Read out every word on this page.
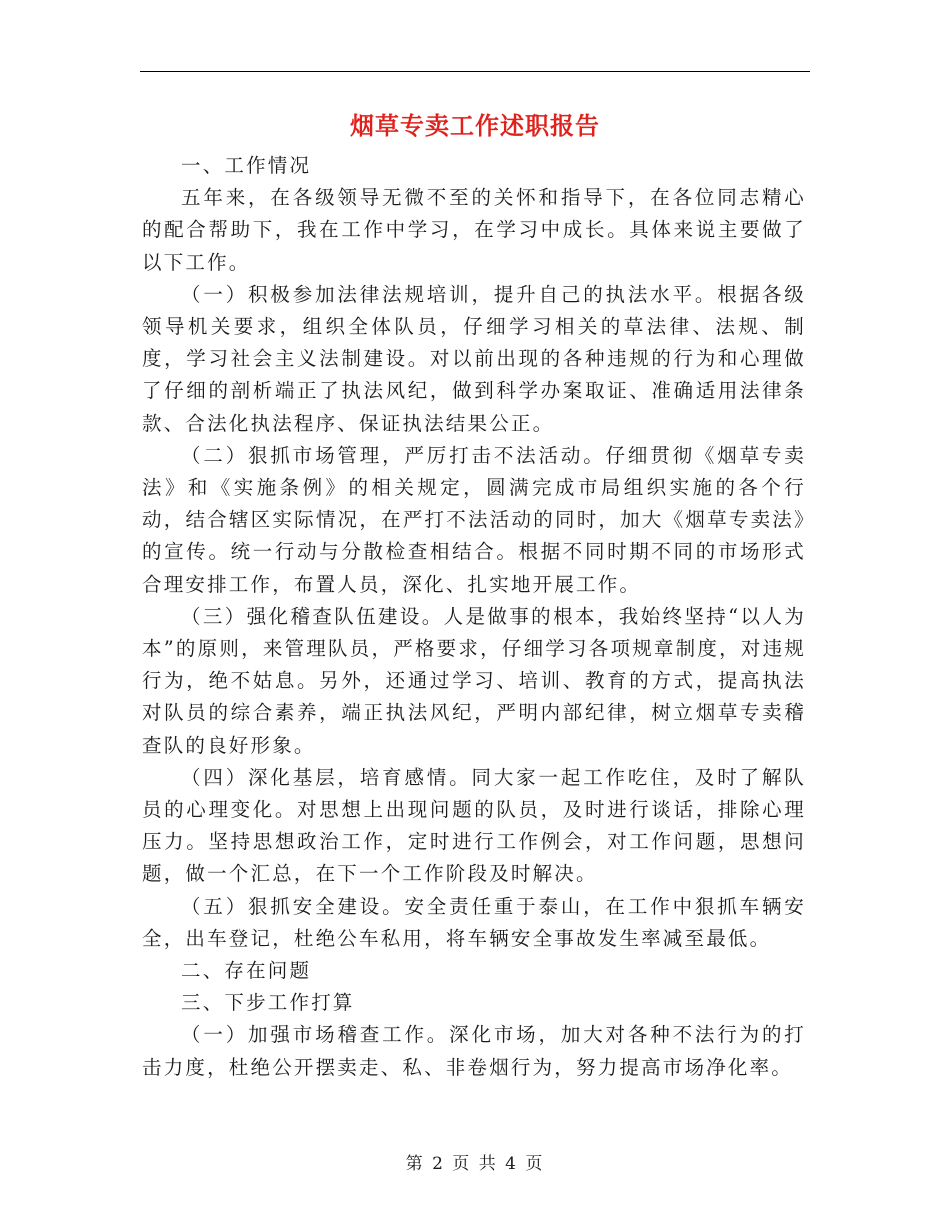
烟草专卖工作述职报告

一、工作情况

五年来，在各级领导无微不至的关怀和指导下，在各位同志精心的配合帮助下，我在工作中学习，在学习中成长。具体来说主要做了以下工作。

（一）积极参加法律法规培训，提升自己的执法水平。根据各级领导机关要求，组织全体队员，仔细学习相关的草法律、法规、制度，学习社会主义法制建设。对以前出现的各种违规的行为和心理做了仔细的剖析端正了执法风纪，做到科学办案取证、准确适用法律条款、合法化执法程序、保证执法结果公正。

（二）狠抓市场管理，严厉打击不法活动。仔细贯彻《烟草专卖法》和《实施条例》的相关规定，圆满完成市局组织实施的各个行动，结合辖区实际情况，在严打不法活动的同时，加大《烟草专卖法》的宣传。统一行动与分散检查相结合。根据不同时期不同的市场形式合理安排工作，布置人员，深化、扎实地开展工作。

（三）强化稽查队伍建设。人是做事的根本，我始终坚持“以人为本”的原则，来管理队员，严格要求，仔细学习各项规章制度，对违规行为，绝不姑息。另外，还通过学习、培训、教育的方式，提高执法对队员的综合素养，端正执法风纪，严明内部纪律，树立烟草专卖稽查队的良好形象。

（四）深化基层，培育感情。同大家一起工作吃住，及时了解队员的心理变化。对思想上出现问题的队员，及时进行谈话，排除心理压力。坚持思想政治工作，定时进行工作例会，对工作问题，思想问题，做一个汇总，在下一个工作阶段及时解决。

（五）狠抓安全建设。安全责任重于泰山，在工作中狠抓车辆安全，出车登记，杜绝公车私用，将车辆安全事故发生率减至最低。

二、存在问题

三、下步工作打算

（一）加强市场稽查工作。深化市场，加大对各种不法行为的打击力度，杜绝公开摆卖走、私、非卷烟行为，努力提高市场净化率。

第 2 页 共 4 页
